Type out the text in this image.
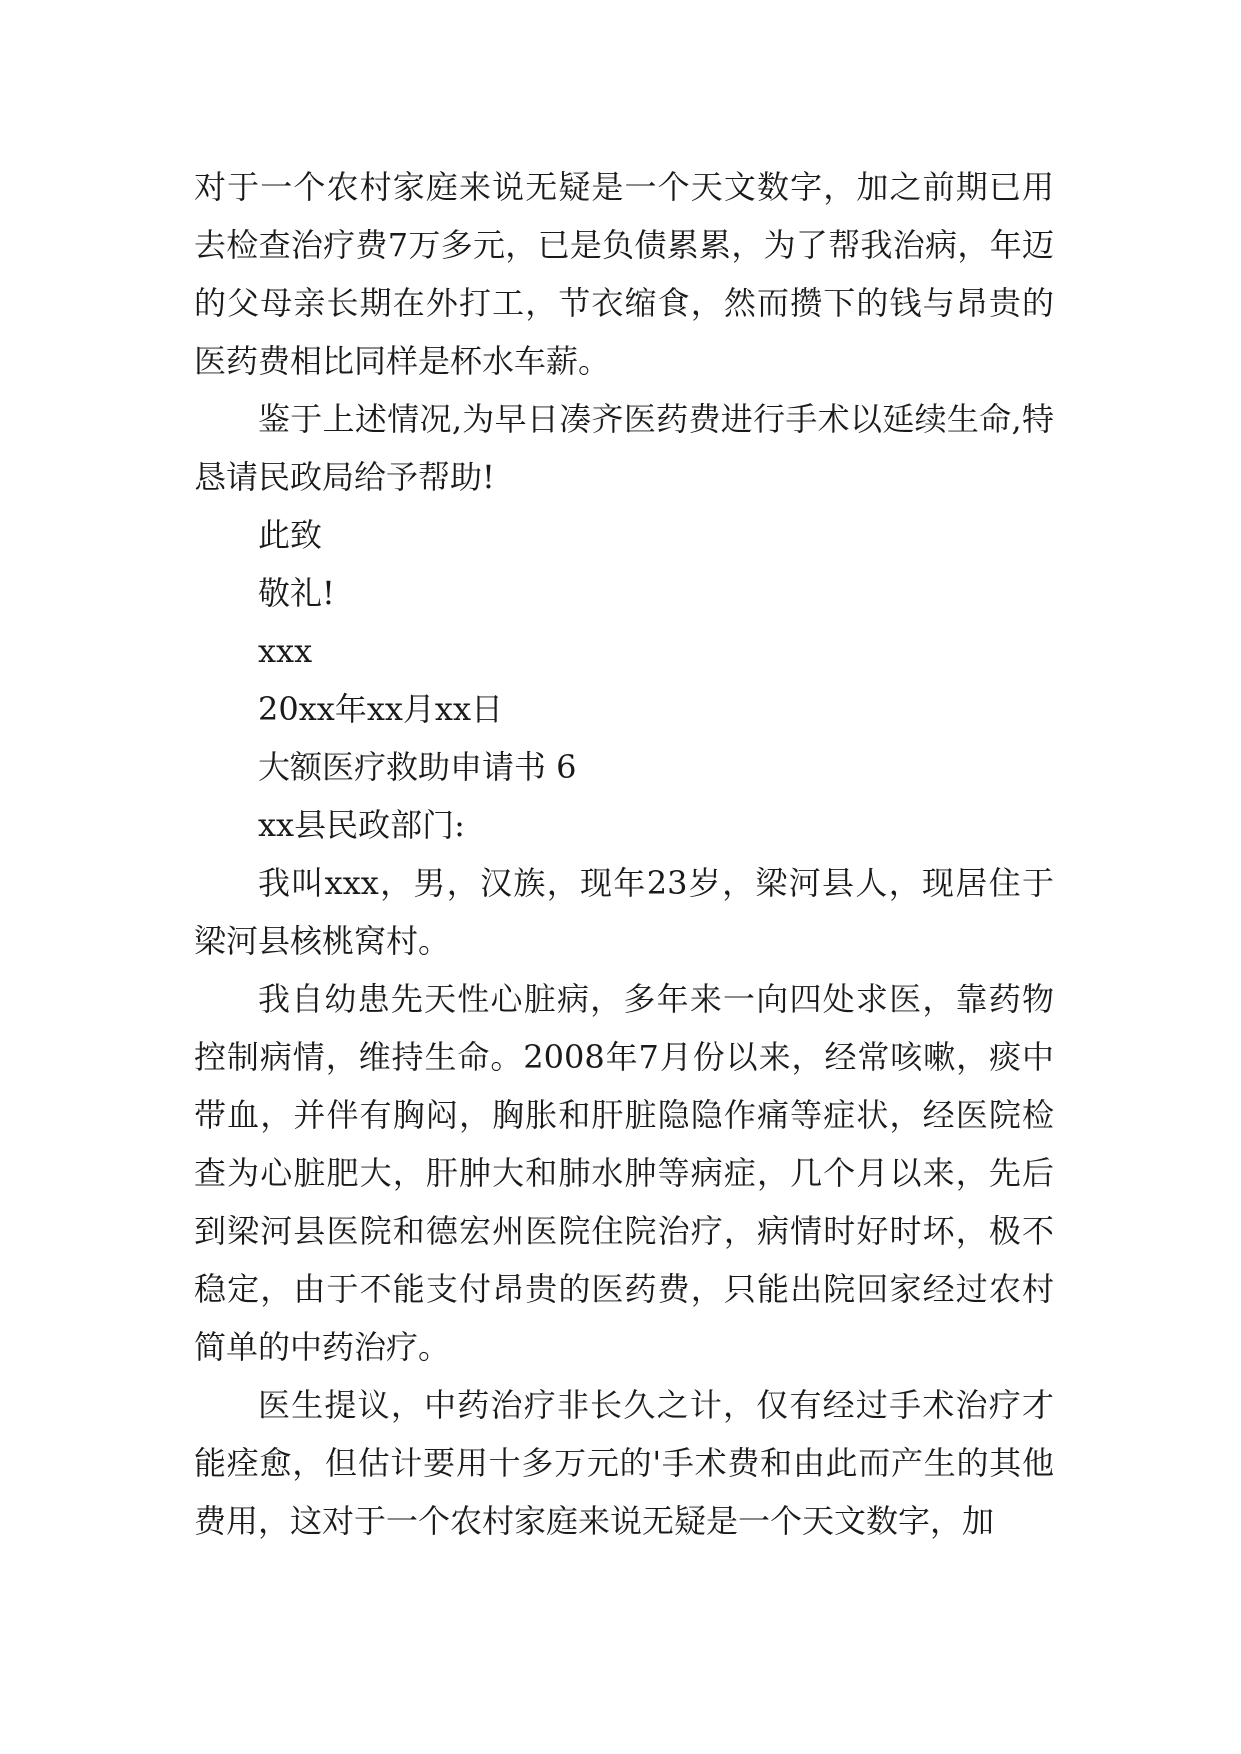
对于一个农村家庭来说无疑是一个天文数字，加之前期已用去检查治疗费7万多元，已是负债累累，为了帮我治病，年迈的父母亲长期在外打工，节衣缩食，然而攒下的钱与昂贵的医药费相比同样是杯水车薪。

鉴于上述情况,为早日凑齐医药费进行手术以延续生命,特恳请民政局给予帮助!

此致
敬礼!
xxx
20xx年xx月xx日
大额医疗救助申请书 6
xx县民政部门:

我叫xxx，男，汉族，现年23岁，梁河县人，现居住于梁河县核桃窝村。

我自幼患先天性心脏病，多年来一向四处求医，靠药物控制病情，维持生命。2008年7月份以来，经常咳嗽，痰中带血，并伴有胸闷，胸胀和肝脏隐隐作痛等症状，经医院检查为心脏肥大，肝肿大和肺水肿等病症，几个月以来，先后到梁河县医院和德宏州医院住院治疗，病情时好时坏，极不稳定，由于不能支付昂贵的医药费，只能出院回家经过农村简单的中药治疗。

医生提议，中药治疗非长久之计，仅有经过手术治疗才能痊愈，但估计要用十多万元的'手术费和由此而产生的其他费用，这对于一个农村家庭来说无疑是一个天文数字，加
